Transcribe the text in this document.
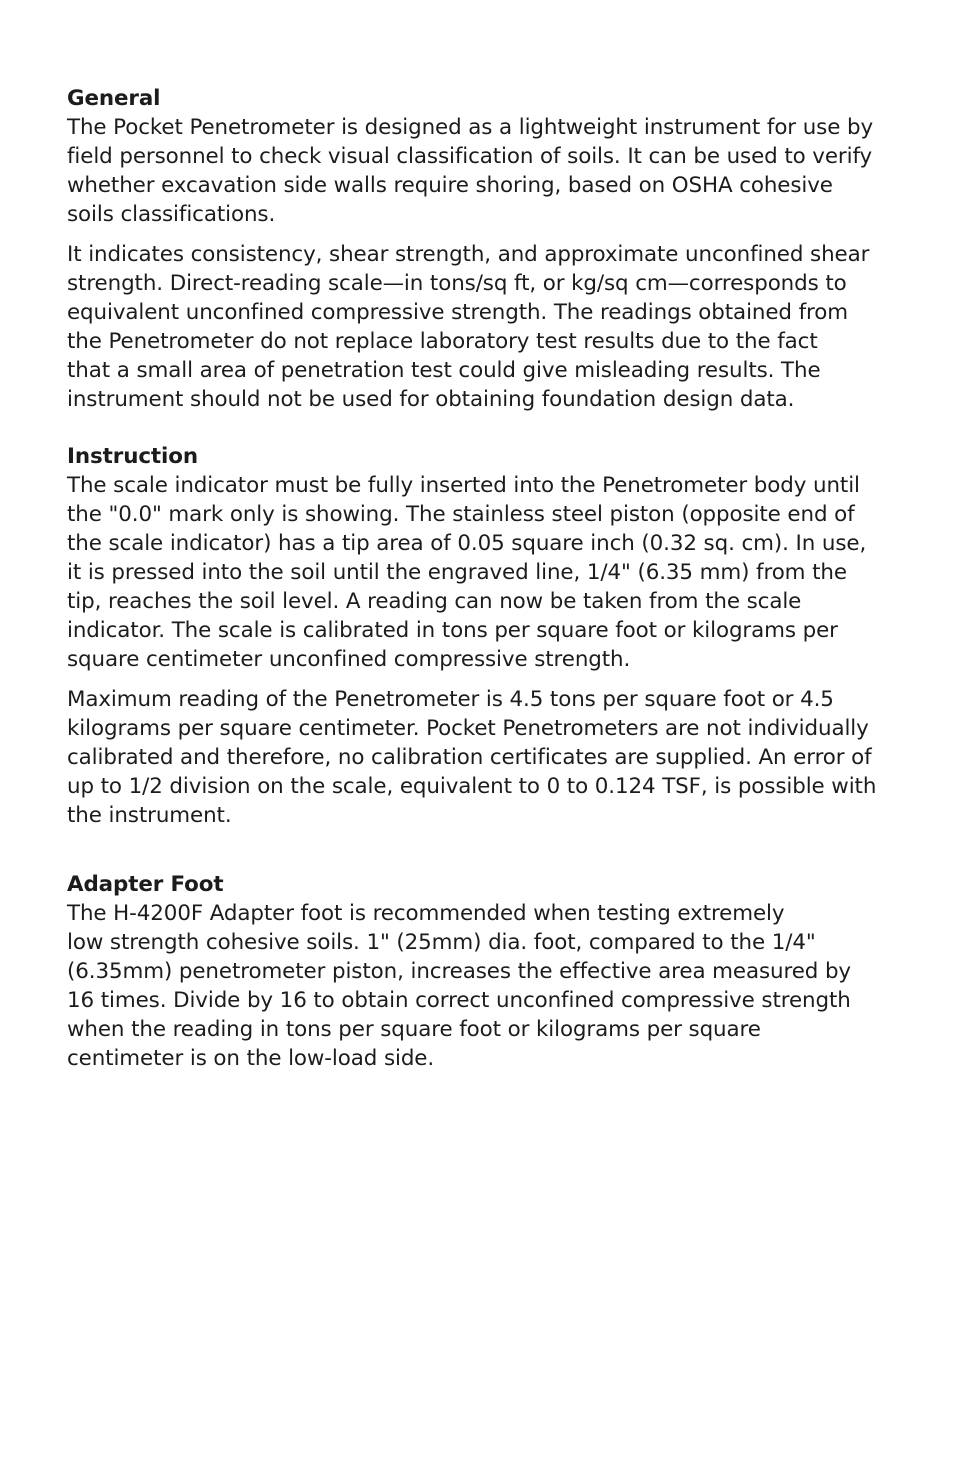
General

The Pocket Penetrometer is designed as a lightweight instrument for use by
field personnel to check visual classification of soils. It can be used to verify
whether excavation side walls require shoring, based on OSHA cohesive
soils classifications.

It indicates consistency, shear strength, and approximate unconfined shear
strength. Direct-reading scale—in tons/sq ft, or kg/sq cm—corresponds to
equivalent unconfined compressive strength. The readings obtained from
the Penetrometer do not replace laboratory test results due to the fact
that a small area of penetration test could give misleading results. The
instrument should not be used for obtaining foundation design data.

Instruction

The scale indicator must be fully inserted into the Penetrometer body until
the "0.0" mark only is showing. The stainless steel piston (opposite end of
the scale indicator) has a tip area of 0.05 square inch (0.32 sq. cm). In use,
it is pressed into the soil until the engraved line, 1/4" (6.35 mm) from the
tip, reaches the soil level. A reading can now be taken from the scale
indicator. The scale is calibrated in tons per square foot or kilograms per
square centimeter unconfined compressive strength.

Maximum reading of the Penetrometer is 4.5 tons per square foot or 4.5
kilograms per square centimeter. Pocket Penetrometers are not individually
calibrated and therefore, no calibration certificates are supplied. An error of
up to 1/2 division on the scale, equivalent to 0 to 0.124 TSF, is possible with
the instrument.

Adapter Foot

The H-4200F Adapter foot is recommended when testing extremely
low strength cohesive soils. 1" (25mm) dia. foot, compared to the 1/4"
(6.35mm) penetrometer piston, increases the effective area measured by
16 times. Divide by 16 to obtain correct unconfined compressive strength
when the reading in tons per square foot or kilograms per square
centimeter is on the low-load side.
